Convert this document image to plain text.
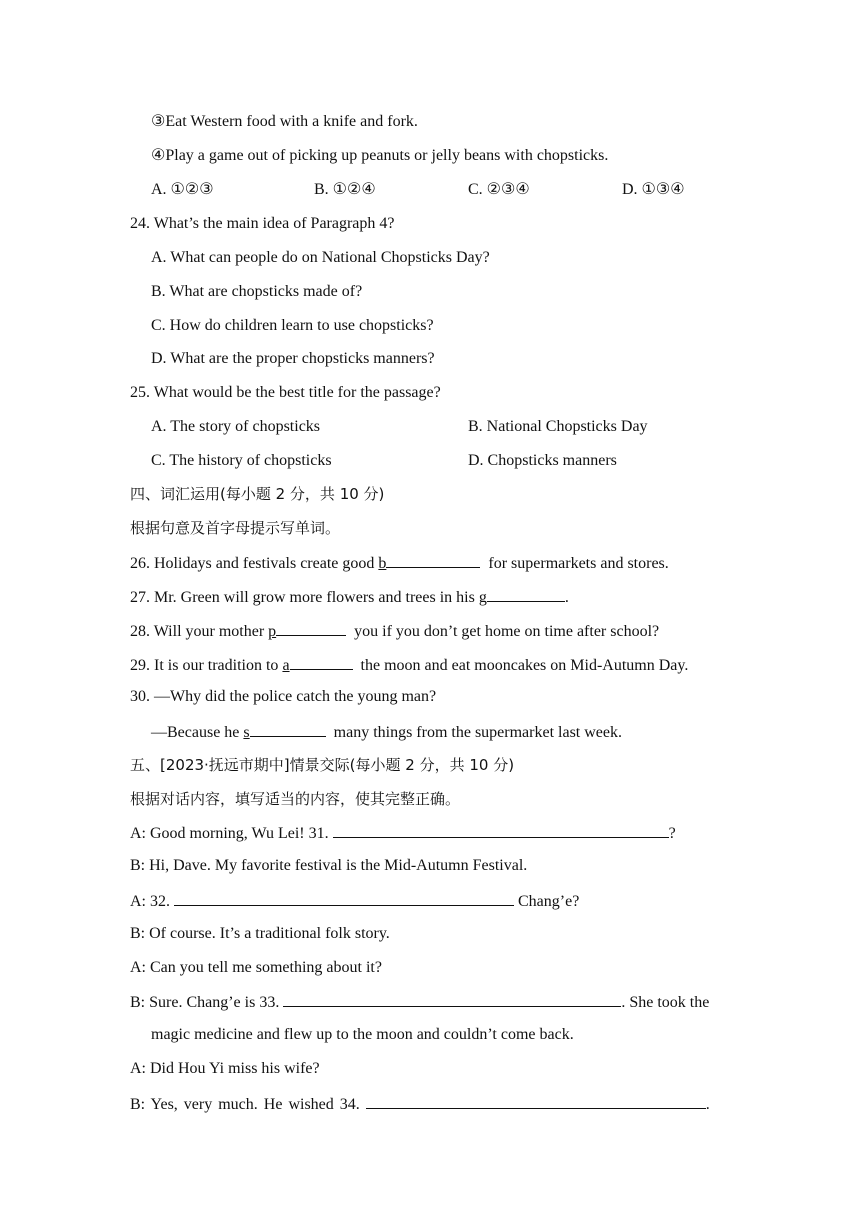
③Eat Western food with a knife and fork.
④Play a game out of picking up peanuts or jelly beans with chopsticks.
A. ①②③	B. ①②④	C. ②③④	D. ①③④
24. What’s the main idea of Paragraph 4?
A. What can people do on National Chopsticks Day?
B. What are chopsticks made of?
C. How do children learn to use chopsticks?
D. What are the proper chopsticks manners?
25. What would be the best title for the passage?
A. The story of chopsticks	B. National Chopsticks Day
C. The history of chopsticks	D. Chopsticks manners
四、词汇运用(每小题 2 分，共 10 分)
根据句意及首字母提示写单词。
26. Holidays and festivals create good b	for supermarkets and stores.
27. Mr. Green will grow more flowers and trees in his g	.
28. Will your mother p	you if you don’t get home on time after school?
29. It is our tradition to a	the moon and eat mooncakes on Mid-Autumn Day.
30. —Why did the police catch the young man?
—Because he s	many things from the supermarket last week.
五、[2023·抚远市期中]情景交际(每小题 2 分，共 10 分)
根据对话内容，填写适当的内容，使其完整正确。
A: Good morning, Wu Lei! 31.	?
B: Hi, Dave. My favorite festival is the Mid-Autumn Festival.
A: 32.	Chang’e?
B: Of course. It’s a traditional folk story.
A: Can you tell me something about it?
B: Sure. Chang’e is 33.	. She took the
magic medicine and flew up to the moon and couldn’t come back.
A: Did Hou Yi miss his wife?
B: Yes, very much. He wished 34.	.
